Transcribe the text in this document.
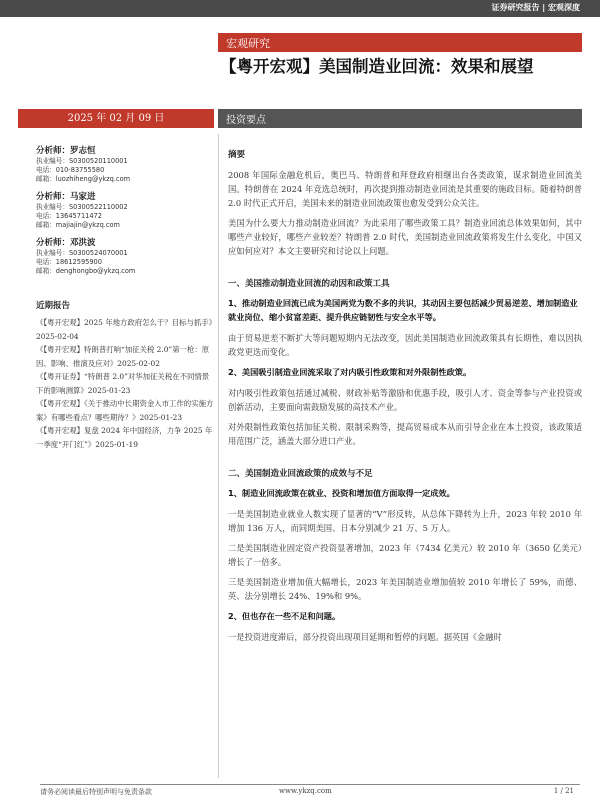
证券研究报告 | 宏观深度
宏观研究
【粤开宏观】美国制造业回流：效果和展望
2025 年 02 月 09 日	投资要点
分析师：罗志恒
执业编号：S0300520110001
电话：010-83755580
邮箱：luozhiheng@ykzq.com
分析师：马家进
执业编号：S0300522110002
电话：13645711472
邮箱：majiajin@ykzq.com
分析师：邓洪波
执业编号：S0300524070001
电话：18612595900
邮箱：denghongbo@ykzq.com
近期报告
《【粤开宏观】2025 年地方政府怎么干？目标与抓手》2025-02-04
《【粤开宏观】特朗普打响“加征关税 2.0”第一枪：原因、影响、推演及应对》2025-02-02
《【粤开证券】“特朗普 2.0”对华加征关税在不同情景下的影响测算》2025-01-23
《【粤开宏观】《关于推动中长期资金入市工作的实施方案》有哪些看点？哪些期待？》2025-01-23
《【粤开宏观】复盘 2024 年中国经济，力争 2025 年一季度“开门红”》2025-01-19
摘要

2008 年国际金融危机后，奥巴马、特朗普和拜登政府相继出台各类政策，谋求制造业回流美国。特朗普在 2024 年竞选总统时，再次提到推动制造业回流是其重要的施政目标。随着特朗普 2.0 时代正式开启，美国未来的制造业回流政策也愈发受到公众关注。

美国为什么要大力推动制造业回流？为此采用了哪些政策工具？制造业回流总体效果如何，其中哪些产业较好，哪些产业较差？特朗普 2.0 时代，美国制造业回流政策将发生什么变化，中国又应如何应对？本文主要研究和讨论以上问题。

一、美国推动制造业回流的动因和政策工具
1、推动制造业回流已成为美国两党为数不多的共识，其动因主要包括减少贸易逆差、增加制造业就业岗位、缩小贫富差距、提升供应链韧性与安全水平等。

由于贸易逆差不断扩大等问题短期内无法改变，因此美国制造业回流政策具有长期性，难以因执政党更迭而变化。

2、美国吸引制造业回流采取了对内吸引性政策和对外限制性政策。

对内吸引性政策包括通过减税、财政补贴等激励和优惠手段，吸引人才、资金等参与产业投资或创新活动，主要面向需鼓励发展的高技术产业。

对外限制性政策包括加征关税、限制采购等，提高贸易成本从而引导企业在本土投资，该政策适用范围广泛，涵盖大部分进口产业。

二、美国制造业回流政策的成效与不足
1、制造业回流政策在就业、投资和增加值方面取得一定成效。

一是美国制造业就业人数实现了显著的“V”形反转，从总体下降转为上升，2023 年较 2010 年增加 136 万人，而同期美国、日本分别减少 21 万、5 万人。

二是美国制造业固定资产投资显著增加，2023 年（7434 亿美元）较 2010 年（3650 亿美元）增长了一倍多。

三是美国制造业增加值大幅增长，2023 年美国制造业增加值较 2010 年增长了 59%，而德、英、法分别增长 24%、19%和 9%。

2、但也存在一些不足和问题。

一是投资进度滞后，部分投资出现项目延期和暂停的问题。据英国《金融时

请务必阅读最后特别声明与免责条款	www.ykzq.com	1 / 21
